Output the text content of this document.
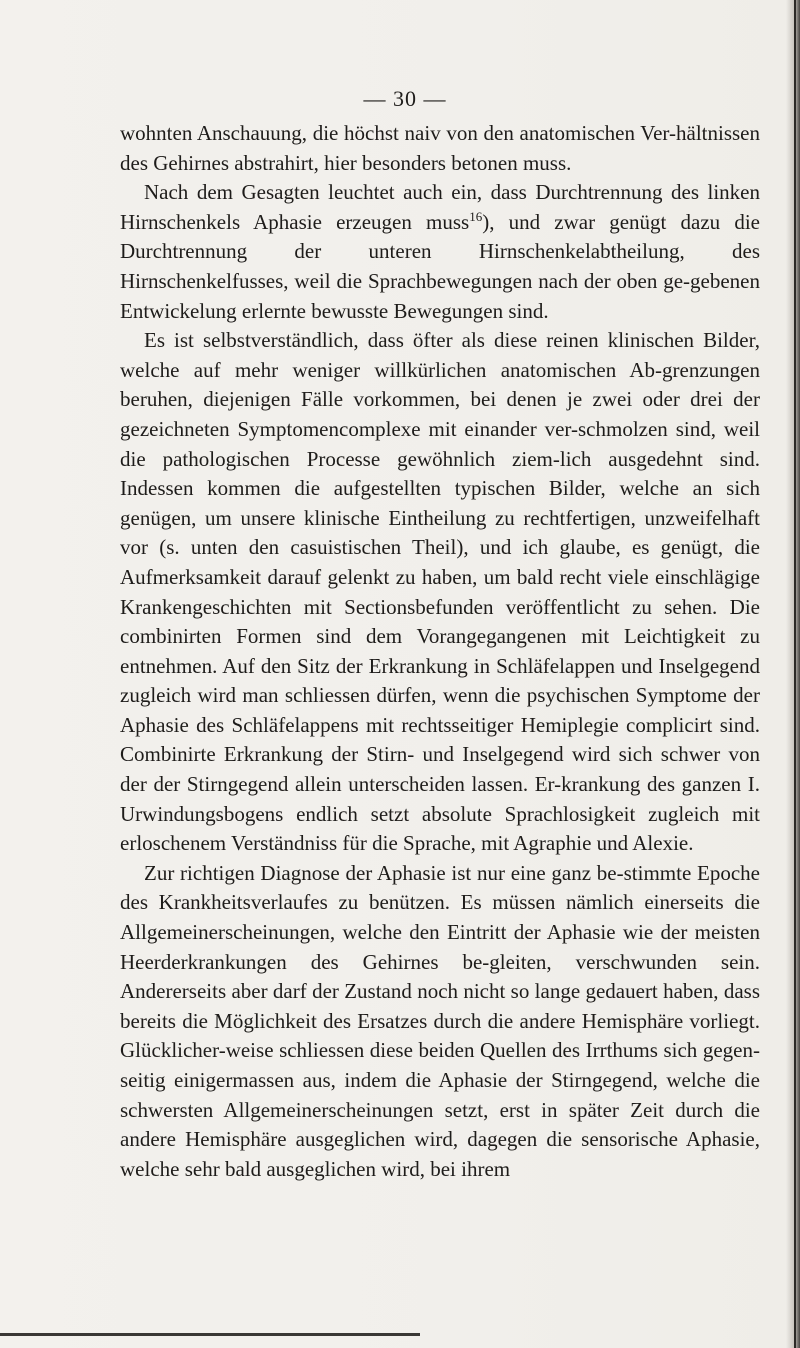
— 30 —

wohnten Anschauung, die höchst naiv von den anatomischen Ver-hältnissen des Gehirnes abstrahirt, hier besonders betonen muss.

Nach dem Gesagten leuchtet auch ein, dass Durchtrennung des linken Hirnschenkels Aphasie erzeugen muss$^{16}$), und zwar genügt dazu die Durchtrennung der unteren Hirnschenkelabtheilung, des Hirnschenkelfusses, weil die Sprachbewegungen nach der oben ge-gebenen Entwickelung erlernte bewusste Bewegungen sind.

Es ist selbstverständlich, dass öfter als diese reinen klinischen Bilder, welche auf mehr weniger willkürlichen anatomischen Ab-grenzungen beruhen, diejenigen Fälle vorkommen, bei denen je zwei oder drei der gezeichneten Symptomencomplexe mit einander ver-schmolzen sind, weil die pathologischen Processe gewöhnlich ziem-lich ausgedehnt sind. Indessen kommen die aufgestellten typischen Bilder, welche an sich genügen, um unsere klinische Eintheilung zu rechtfertigen, unzweifelhaft vor (s. unten den casuistischen Theil), und ich glaube, es genügt, die Aufmerksamkeit darauf gelenkt zu haben, um bald recht viele einschlägige Krankengeschichten mit Sectionsbefunden veröffentlicht zu sehen. Die combinirten Formen sind dem Vorangegangenen mit Leichtigkeit zu entnehmen. Auf den Sitz der Erkrankung in Schläfelappen und Inselgegend zugleich wird man schliessen dürfen, wenn die psychischen Symptome der Aphasie des Schläfelappens mit rechtsseitiger Hemiplegie complicirt sind. Combinirte Erkrankung der Stirn- und Inselgegend wird sich schwer von der der Stirngegend allein unterscheiden lassen. Er-krankung des ganzen I. Urwindungsbogens endlich setzt absolute Sprachlosigkeit zugleich mit erloschenem Verständniss für die Sprache, mit Agraphie und Alexie.

Zur richtigen Diagnose der Aphasie ist nur eine ganz be-stimmte Epoche des Krankheitsverlaufes zu benützen. Es müssen nämlich einerseits die Allgemeinerscheinungen, welche den Eintritt der Aphasie wie der meisten Heerderkrankungen des Gehirnes be-gleiten, verschwunden sein. Andererseits aber darf der Zustand noch nicht so lange gedauert haben, dass bereits die Möglichkeit des Ersatzes durch die andere Hemisphäre vorliegt. Glücklicher-weise schliessen diese beiden Quellen des Irrthums sich gegen-seitig einigermassen aus, indem die Aphasie der Stirngegend, welche die schwersten Allgemeinerscheinungen setzt, erst in später Zeit durch die andere Hemisphäre ausgeglichen wird, dagegen die sensorische Aphasie, welche sehr bald ausgeglichen wird, bei ihrem
